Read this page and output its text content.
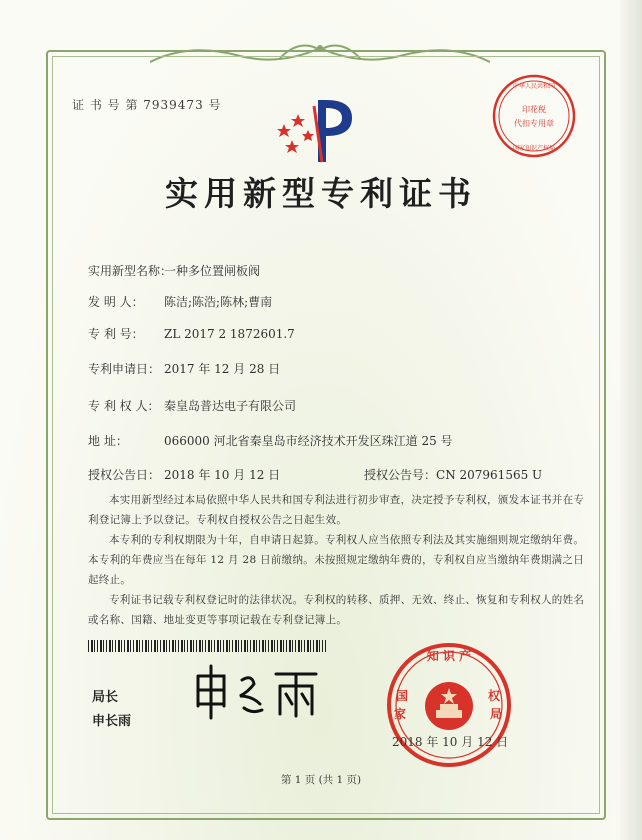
证 书 号 第 7939473 号	印花税
代扣专用章
中华人民共和国
国家知识产权局
实用新型专利证书
实用新型名称：一种多位置闸板阀
发 明 人： 陈洁;陈浩;陈林;曹南
专 利 号： ZL 2017 2 1872601.7
专利申请日： 2017 年 12 月 28 日
专 利 权 人： 秦皇岛普达电子有限公司
地 址：	066000 河北省秦皇岛市经济技术开发区珠江道 25 号
授权公告日： 2018 年 10 月 12 日	授权公告号：CN 207961565 U

本实用新型经过本局依照中华人民共和国专利法进行初步审查，决定授予专利权，颁发本证书并在专利登记簿上予以登记。专利权自授权公告之日起生效。

本专利的专利权期限为十年，自申请日起算。专利权人应当依照专利法及其实施细则规定缴纳年费。本专利的年费应当在每年 12 月 28 日前缴纳。未按照规定缴纳年费的，专利权自应当缴纳年费期满之日起终止。

专利证书记载专利权登记时的法律状况。专利权的转移、质押、无效、终止、恢复和专利权人的姓名或名称、国籍、地址变更等事项记载在专利登记簿上。

局长
申长雨
知 识 产
国
家
权
局
2018 年 10 月 12 日
第 1 页 (共 1 页)
